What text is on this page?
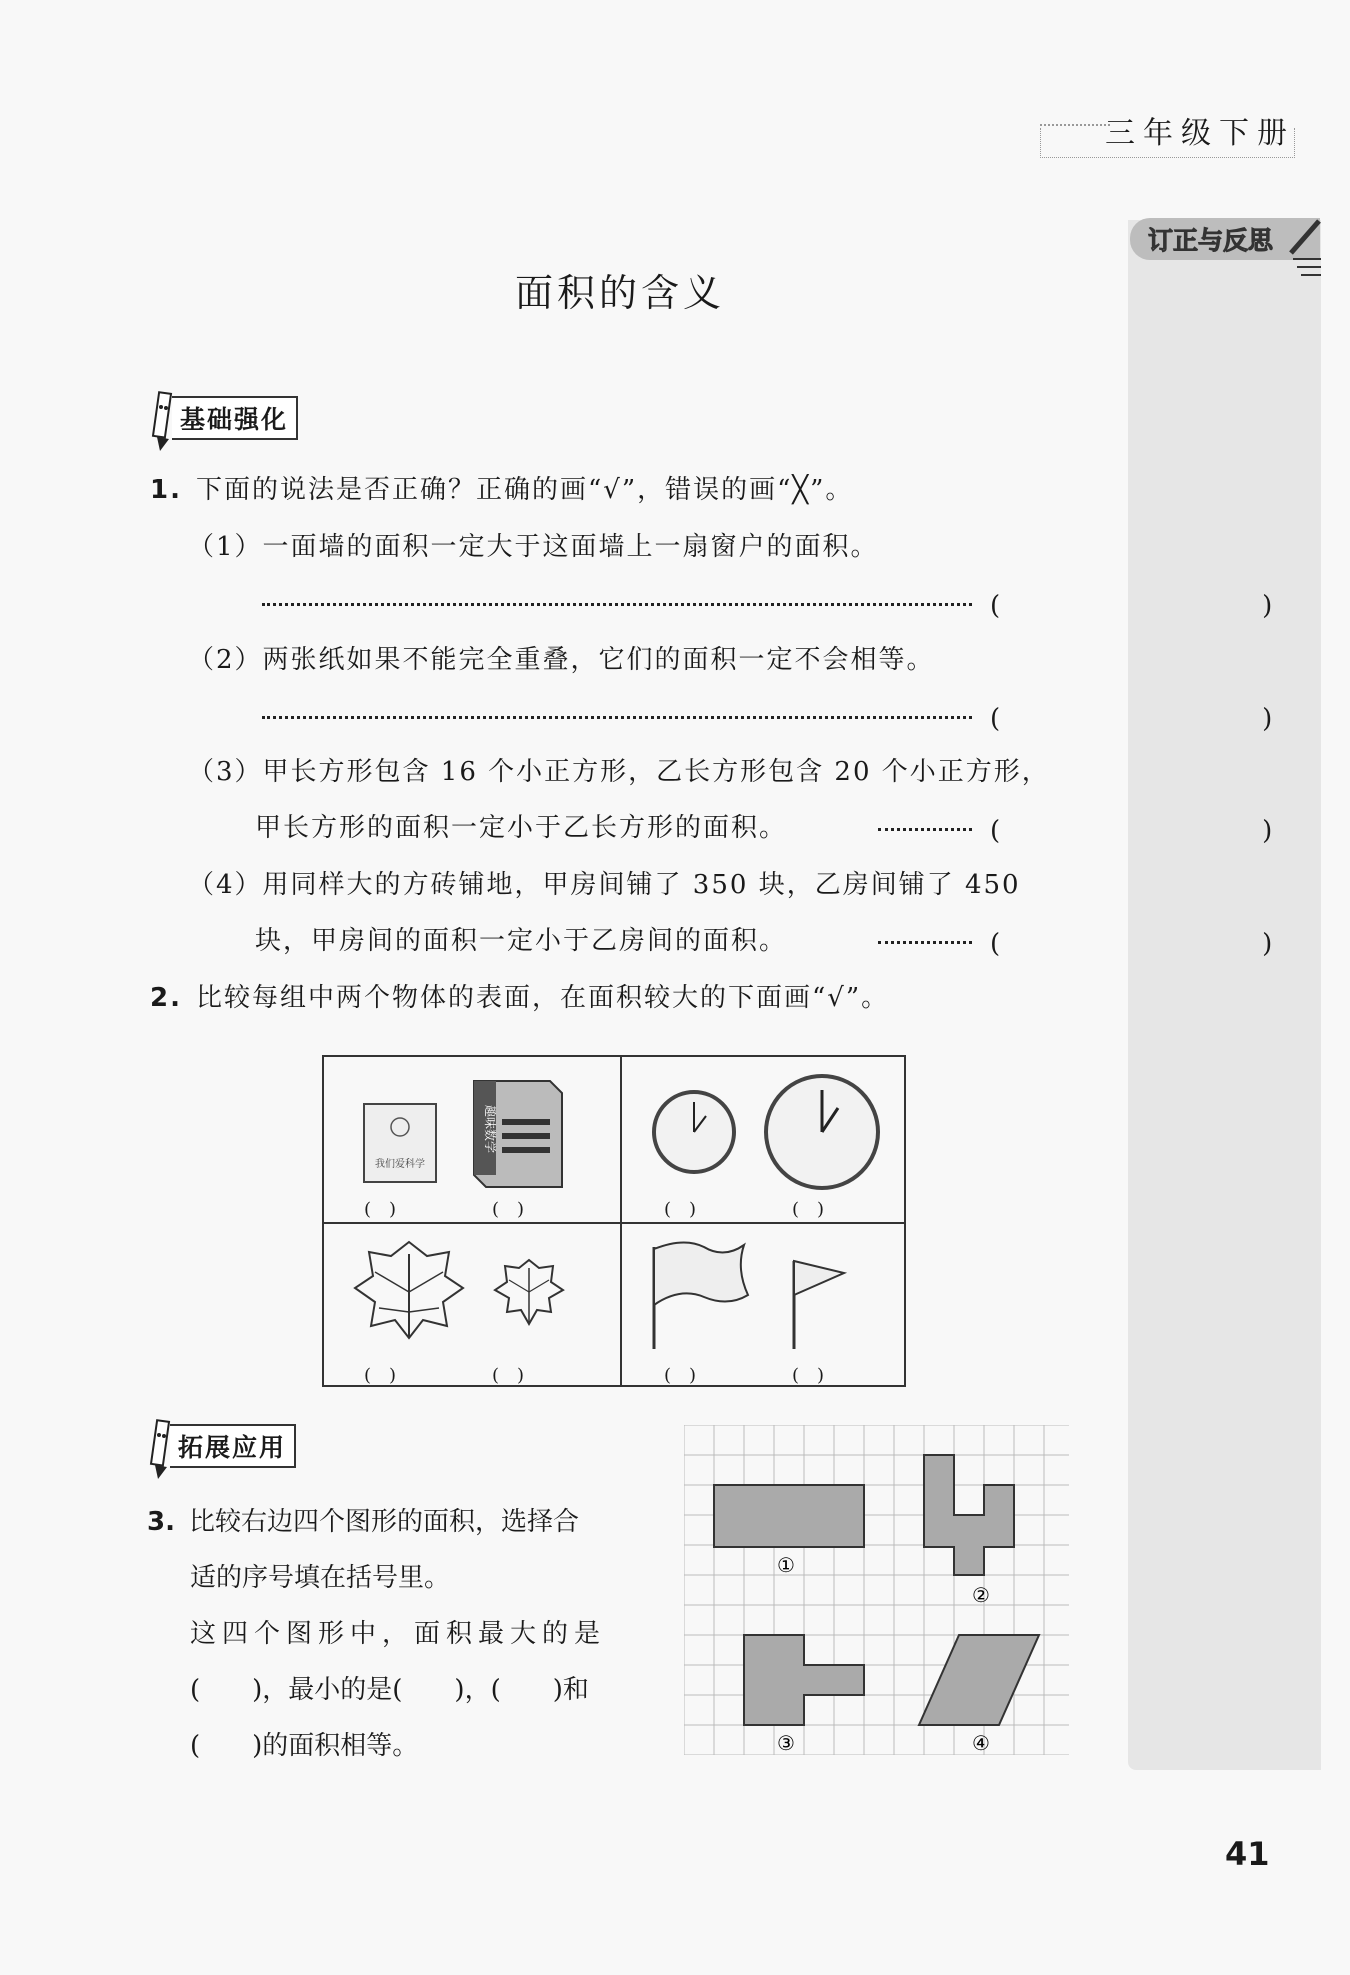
三年级下册
订正与反思
面积的含义
基础强化
1. 下面的说法是否正确？正确的画“√”，错误的画“╳”。
（1）一面墙的面积一定大于这面墙上一扇窗户的面积。
(　　)
（2）两张纸如果不能完全重叠，它们的面积一定不会相等。
(　　)
（3）甲长方形包含 16 个小正方形，乙长方形包含 20 个小正方形，
甲长方形的面积一定小于乙长方形的面积。	(　　)
（4）用同样大的方砖铺地，甲房间铺了 350 块，乙房间铺了 450
块，甲房间的面积一定小于乙房间的面积。	(　　)
2. 比较每组中两个物体的表面，在面积较大的下面画“√”。
我们爱科学
趣味数学
(　)	(　)	(　)	(　)
(　)	(　)	(　)	(　)
拓展应用
3. 比较右边四个图形的面积，选择合
适的序号填在括号里。
这四个图形中，面积最大的是
(　　)，最小的是(　　)，(　　)和
(　　)的面积相等。
①
②
③	④
41
